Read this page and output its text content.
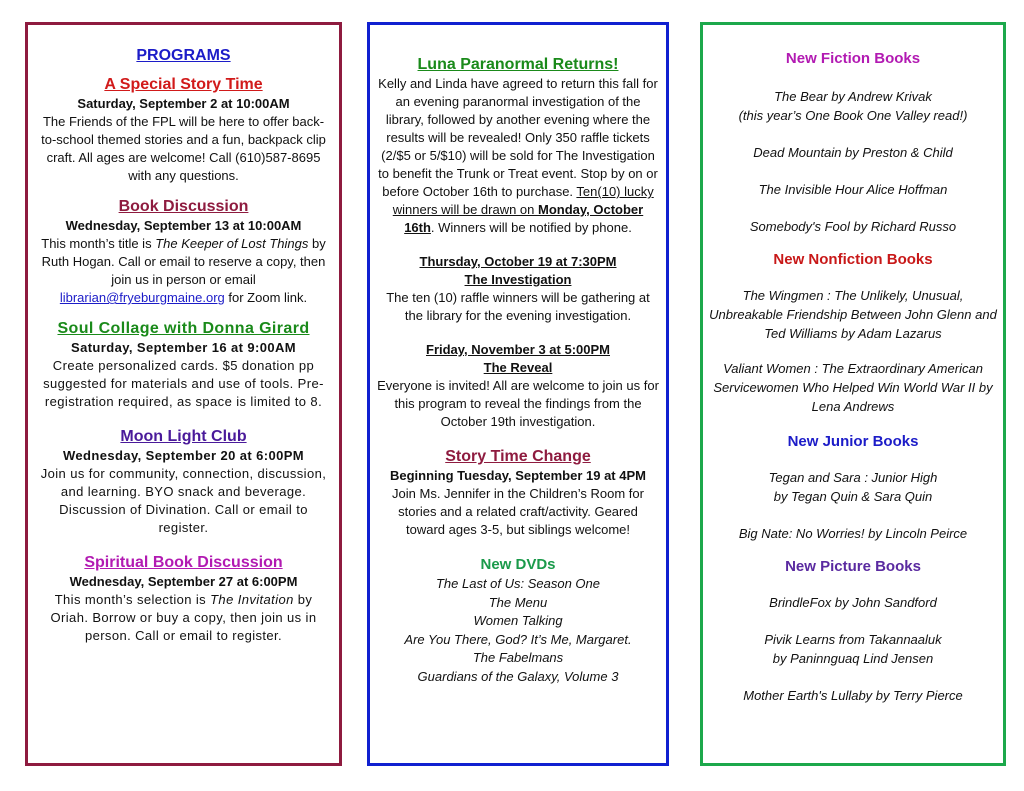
PROGRAMS

A Special Story Time

Saturday, September 2 at 10:00AM

The Friends of the FPL will be here to offer back-to-school themed stories and a fun, backpack clip craft. All ages are welcome! Call (610)587-8695 with any questions.

Book Discussion

Wednesday, September 13 at 10:00AM

This month’s title is The Keeper of Lost Things by Ruth Hogan. Call or email to reserve a copy, then join us in person or email librarian@fryeburgmaine.org for Zoom link.

Soul Collage with Donna Girard

Saturday, September 16 at 9:00AM

Create personalized cards. $5 donation pp suggested for materials and use of tools. Pre-registration required, as space is limited to 8.

Moon Light Club

Wednesday, September 20 at 6:00PM

Join us for community, connection, discussion, and learning. BYO snack and beverage. Discussion of Divination. Call or email to register.

Spiritual Book Discussion

Wednesday, September 27 at 6:00PM

This month’s selection is The Invitation by Oriah. Borrow or buy a copy, then join us in person. Call or email to register.

Luna Paranormal Returns!

Kelly and Linda have agreed to return this fall for an evening paranormal investigation of the library, followed by another evening where the results will be revealed! Only 350 raffle tickets (2/$5 or 5/$10) will be sold for The Investigation to benefit the Trunk or Treat event. Stop by on or before October 16th to purchase. Ten(10) lucky winners will be drawn on Monday, October 16th. Winners will be notified by phone.

Thursday, October 19 at 7:30PM

The Investigation

The ten (10) raffle winners will be gathering at the library for the evening investigation.

Friday, November 3 at 5:00PM

The Reveal

Everyone is invited! All are welcome to join us for this program to reveal the findings from the October 19th investigation.

Story Time Change

Beginning Tuesday, September 19 at 4PM

Join Ms. Jennifer in the Children’s Room for stories and a related craft/activity. Geared toward ages 3-5, but siblings welcome!

New DVDs

The Last of Us: Season One

The Menu

Women Talking

Are You There, God? It’s Me, Margaret.

The Fabelmans

Guardians of the Galaxy, Volume 3

New Fiction Books

The Bear by Andrew Krivak

(this year’s One Book One Valley read!)

Dead Mountain by Preston & Child

The Invisible Hour Alice Hoffman

Somebody's Fool by Richard Russo

New Nonfiction Books

The Wingmen : The Unlikely, Unusual, Unbreakable Friendship Between John Glenn and Ted Williams by Adam Lazarus

Valiant Women : The Extraordinary American Servicewomen Who Helped Win World War II by Lena Andrews

New Junior Books

Tegan and Sara : Junior High

by Tegan Quin & Sara Quin

Big Nate: No Worries! by Lincoln Peirce

New Picture Books

BrindleFox by John Sandford

Pivik Learns from Takannaaluk

by Paninnguaq Lind Jensen

Mother Earth's Lullaby by Terry Pierce
